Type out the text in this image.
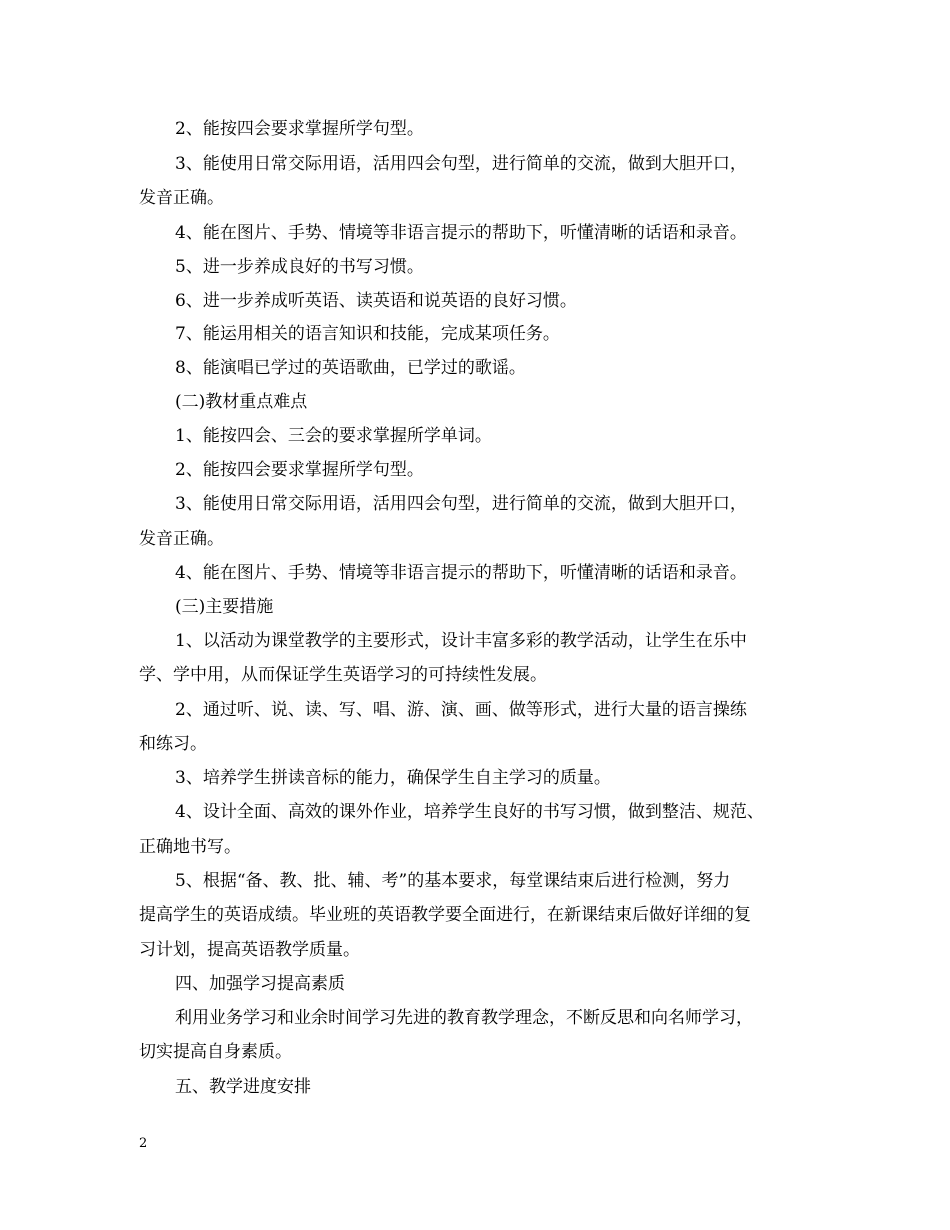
2、能按四会要求掌握所学句型。
3、能使用日常交际用语，活用四会句型，进行简单的交流，做到大胆开口，
发音正确。
4、能在图片、手势、情境等非语言提示的帮助下，听懂清晰的话语和录音。
5、进一步养成良好的书写习惯。
6、进一步养成听英语、读英语和说英语的良好习惯。
7、能运用相关的语言知识和技能，完成某项任务。
8、能演唱已学过的英语歌曲，已学过的歌谣。
(二)教材重点难点
1、能按四会、三会的要求掌握所学单词。
2、能按四会要求掌握所学句型。
3、能使用日常交际用语，活用四会句型，进行简单的交流，做到大胆开口，
发音正确。
4、能在图片、手势、情境等非语言提示的帮助下，听懂清晰的话语和录音。
(三)主要措施
1、以活动为课堂教学的主要形式，设计丰富多彩的教学活动，让学生在乐中
学、学中用，从而保证学生英语学习的可持续性发展。
2、通过听、说、读、写、唱、游、演、画、做等形式，进行大量的语言操练
和练习。
3、培养学生拼读音标的能力，确保学生自主学习的质量。
4、设计全面、高效的课外作业，培养学生良好的书写习惯，做到整洁、规范、
正确地书写。
5、根据“备、教、批、辅、考”的基本要求，每堂课结束后进行检测，努力
提高学生的英语成绩。毕业班的英语教学要全面进行，在新课结束后做好详细的复
习计划，提高英语教学质量。
四、加强学习提高素质
利用业务学习和业余时间学习先进的教育教学理念，不断反思和向名师学习，
切实提高自身素质。
五、教学进度安排
2
